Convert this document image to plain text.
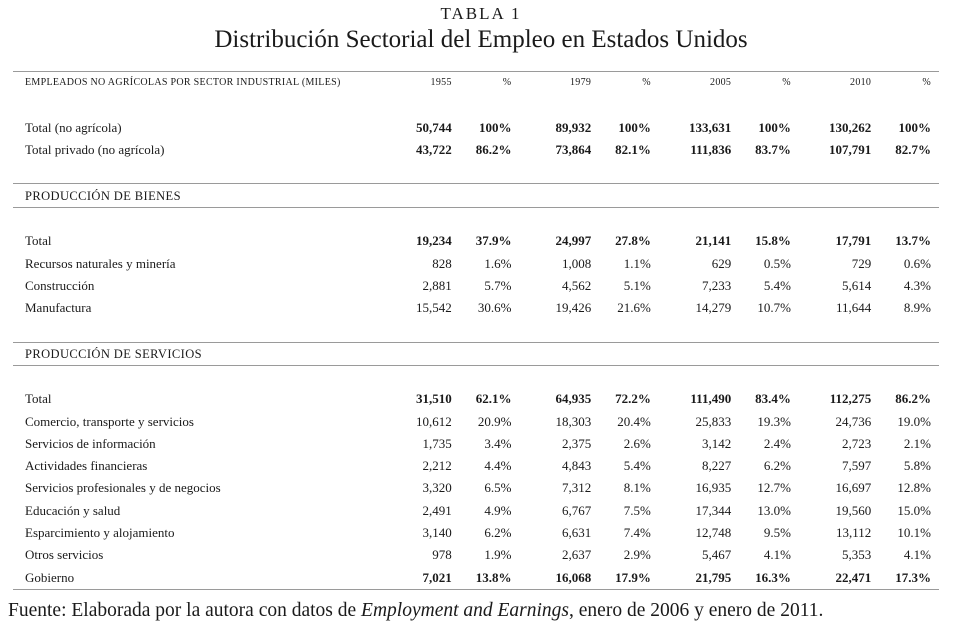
TABLA 1
Distribución Sectorial del Empleo en Estados Unidos
EMPLEADOS NO AGRÍCOLAS POR SECTOR INDUSTRIAL (MILES)	1955	%	1979	%	2005	%	2010	%

Total (no agrícola)	50,744	100%	89,932	100%	133,631	100%	130,262	100%
Total privado (no agrícola)	43,722	86.2%	73,864	82.1%	111,836	83.7%	107,791	82.7%

PRODUCCIÓN DE BIENES								

Total	19,234	37.9%	24,997	27.8%	21,141	15.8%	17,791	13.7%
Recursos naturales y minería	828	1.6%	1,008	1.1%	629	0.5%	729	0.6%
Construcción	2,881	5.7%	4,562	5.1%	7,233	5.4%	5,614	4.3%
Manufactura	15,542	30.6%	19,426	21.6%	14,279	10.7%	11,644	8.9%

PRODUCCIÓN DE SERVICIOS								

Total	31,510	62.1%	64,935	72.2%	111,490	83.4%	112,275	86.2%
Comercio, transporte y servicios	10,612	20.9%	18,303	20.4%	25,833	19.3%	24,736	19.0%
Servicios de información	1,735	3.4%	2,375	2.6%	3,142	2.4%	2,723	2.1%
Actividades financieras	2,212	4.4%	4,843	5.4%	8,227	6.2%	7,597	5.8%
Servicios profesionales y de negocios	3,320	6.5%	7,312	8.1%	16,935	12.7%	16,697	12.8%
Educación y salud	2,491	4.9%	6,767	7.5%	17,344	13.0%	19,560	15.0%
Esparcimiento y alojamiento	3,140	6.2%	6,631	7.4%	12,748	9.5%	13,112	10.1%
Otros servicios	978	1.9%	2,637	2.9%	5,467	4.1%	5,353	4.1%
Gobierno	7,021	13.8%	16,068	17.9%	21,795	16.3%	22,471	17.3%
Fuente: Elaborada por la autora con datos de Employment and Earnings, enero de 2006 y enero de 2011.
